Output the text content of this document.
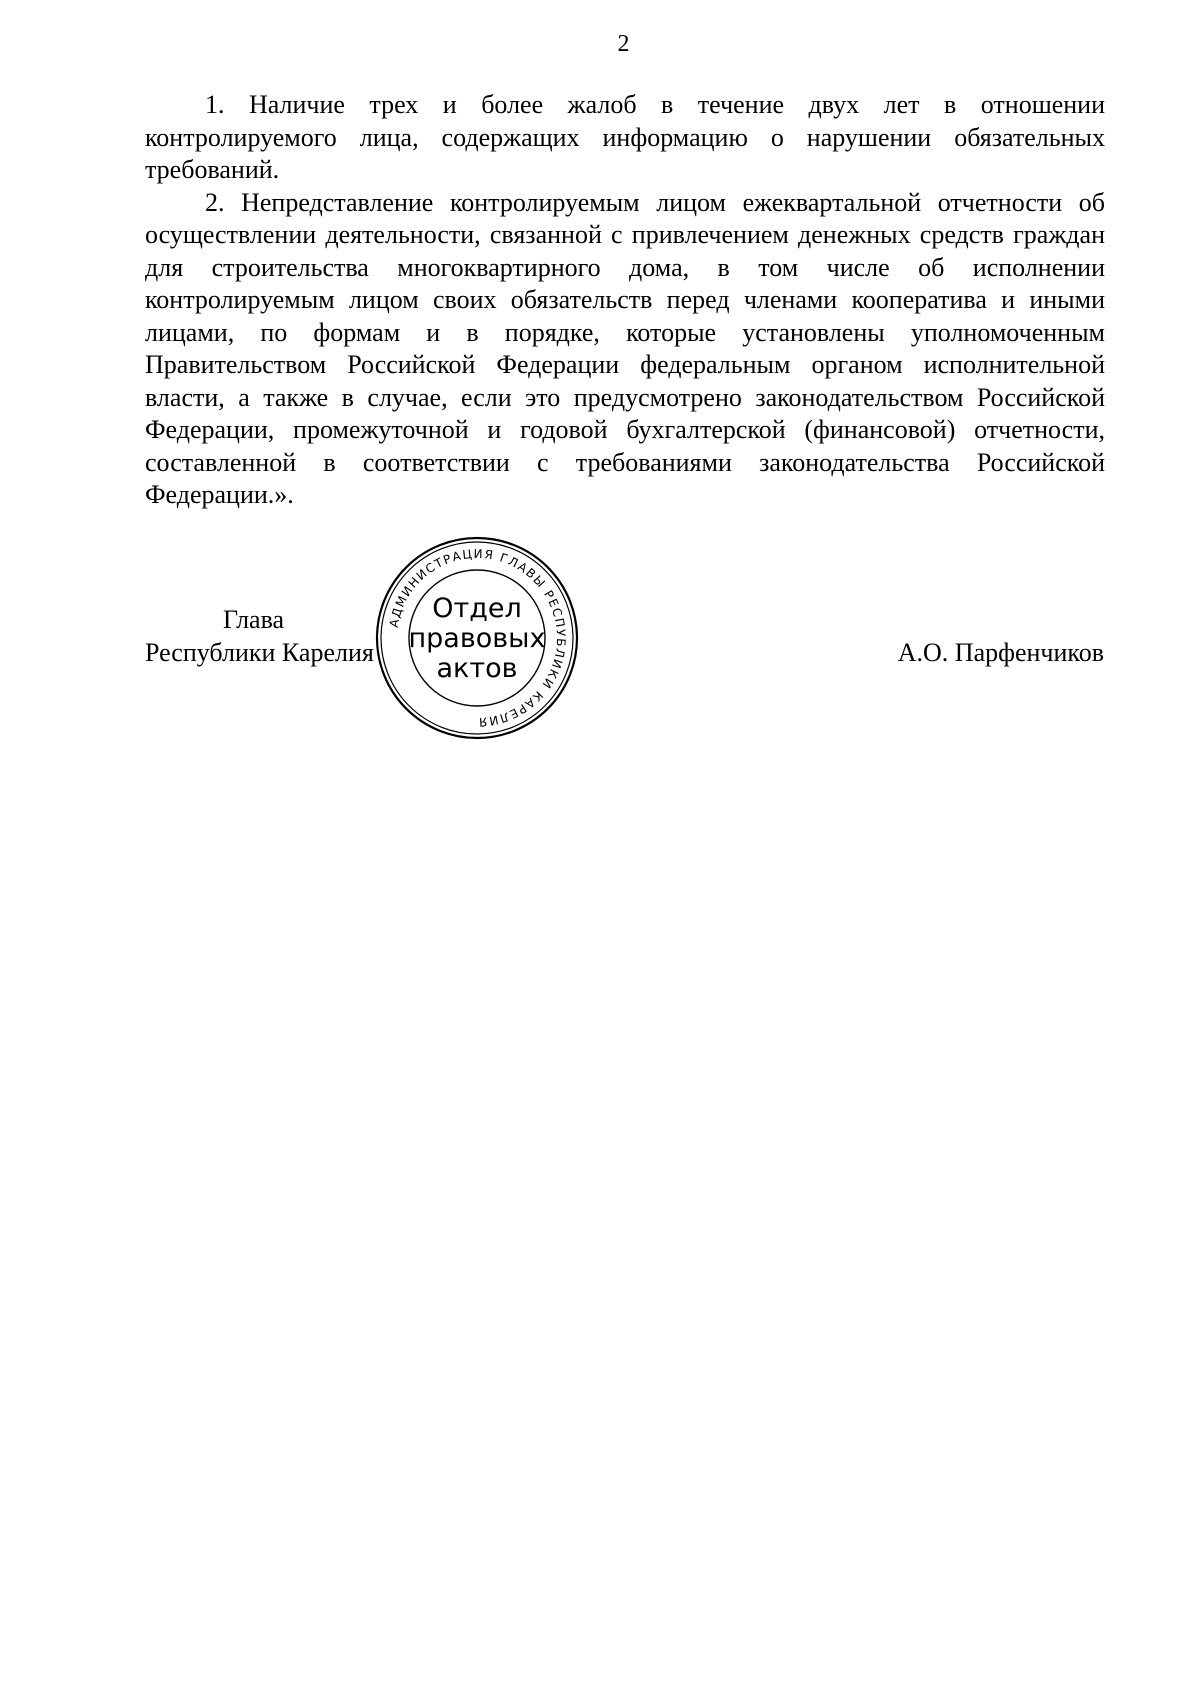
2

1. Наличие трех и более жалоб в течение двух лет в отношении контролируемого лица, содержащих информацию о нарушении обязательных требований.

2. Непредставление контролируемым лицом ежеквартальной отчетности об осуществлении деятельности, связанной с привлечением денежных средств граждан для строительства многоквартирного дома, в том числе об исполнении контролируемым лицом своих обязательств перед членами кооператива и иными лицами, по формам и в порядке, которые установлены уполномоченным Правительством Российской Федерации федеральным органом исполнительной власти, а также в случае, если это предусмотрено законодательством Российской Федерации, промежуточной и годовой бухгалтерской (финансовой) отчетности, составленной в соответствии с требованиями законодательства Российской Федерации.».

Глава
Республики Карелия	А.О. Парфенчиков
АДМИНИСТРАЦИЯ ГЛАВЫ РЕСПУБЛИКИ КАРЕЛИЯ
Отдел
правовых
актов
